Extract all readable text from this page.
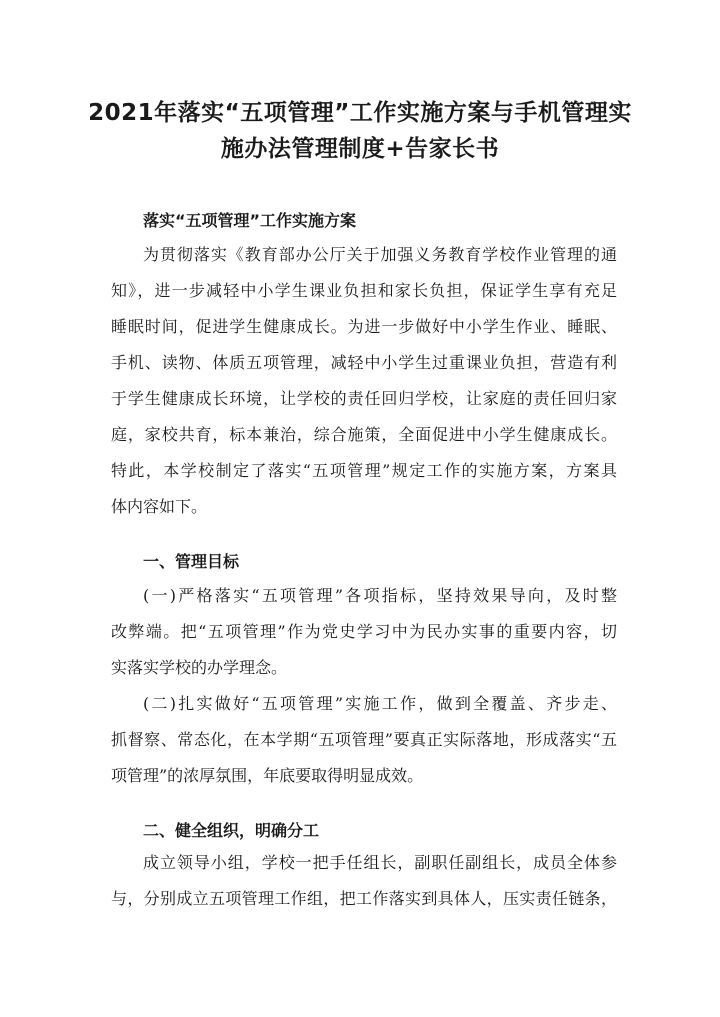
2021年落实“五项管理”工作实施方案与手机管理实
施办法管理制度+告家长书
落实“五项管理”工作实施方案
为贯彻落实《教育部办公厅关于加强义务教育学校作业管理的通
知》，进一步减轻中小学生课业负担和家长负担，保证学生享有充足
睡眠时间，促进学生健康成长。为进一步做好中小学生作业、睡眠、
手机、读物、体质五项管理，减轻中小学生过重课业负担，营造有利
于学生健康成长环境，让学校的责任回归学校，让家庭的责任回归家
庭，家校共育，标本兼治，综合施策，全面促进中小学生健康成长。
特此，本学校制定了落实“五项管理”规定工作的实施方案，方案具
体内容如下。
一、管理目标
(一)严格落实“五项管理”各项指标，坚持效果导向，及时整
改弊端。把“五项管理”作为党史学习中为民办实事的重要内容，切
实落实学校的办学理念。
(二)扎实做好“五项管理”实施工作，做到全覆盖、齐步走、
抓督察、常态化，在本学期“五项管理”要真正实际落地，形成落实“五
项管理”的浓厚氛围，年底要取得明显成效。
二、健全组织，明确分工
成立领导小组，学校一把手任组长，副职任副组长，成员全体参
与，分别成立五项管理工作组，把工作落实到具体人，压实责任链条，
